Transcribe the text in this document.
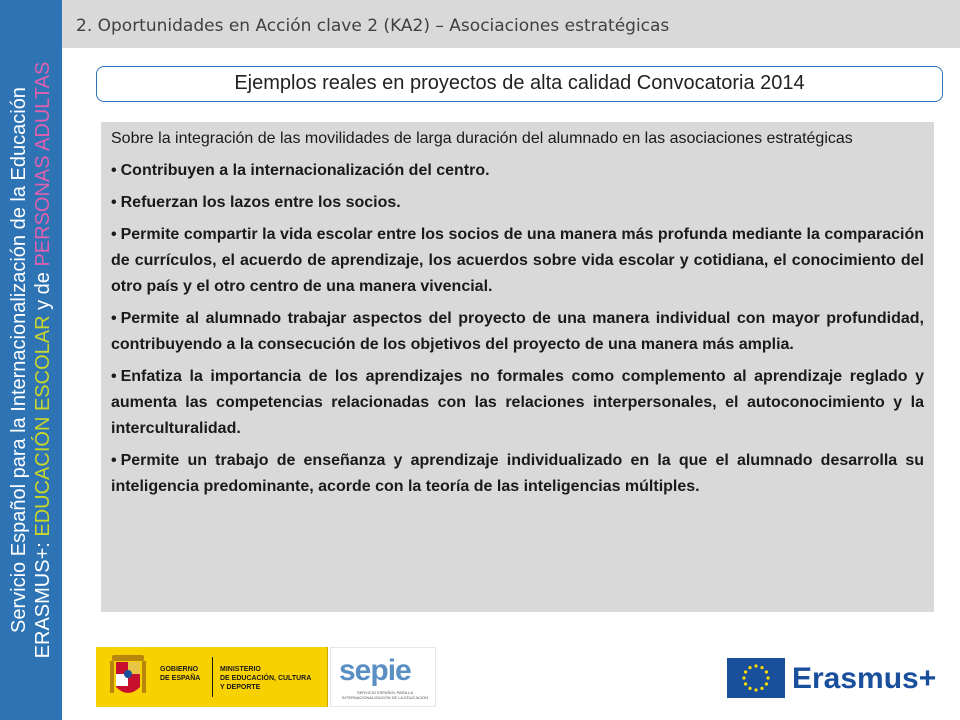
Servicio Español para la Internacionalización de la Educación ERASMUS+: EDUCACIÓN ESCOLAR y de PERSONAS ADULTAS
2. Oportunidades en Acción clave 2 (KA2) – Asociaciones estratégicas
Ejemplos reales en proyectos de alta calidad Convocatoria 2014

Sobre la integración de las movilidades de larga duración del alumnado en las asociaciones estratégicas

• Contribuyen a la internacionalización del centro.

• Refuerzan los lazos entre los socios.

• Permite compartir la vida escolar entre los socios de una manera más profunda mediante la comparación de currículos, el acuerdo de aprendizaje, los acuerdos sobre vida escolar y cotidiana, el conocimiento del otro país y el otro centro de una manera vivencial.

• Permite al alumnado trabajar aspectos del proyecto de una manera individual con mayor profundidad, contribuyendo a la consecución de los objetivos del proyecto de una manera más amplia.

• Enfatiza la importancia de los aprendizajes no formales como complemento al aprendizaje reglado y aumenta las competencias relacionadas con las relaciones interpersonales, el autoconocimiento y la interculturalidad.

• Permite un trabajo de enseñanza y aprendizaje individualizado en la que el alumnado desarrolla su inteligencia predominante, acorde con la teoría de las inteligencias múltiples.

GOBIERNO
DE ESPAÑA
MINISTERIO
DE EDUCACIÓN, CULTURA
Y DEPORTE
sepie
SERVICIO ESPAÑOL PARA LA
INTERNACIONALIZACIÓN DE LA EDUCACIÓN
Erasmus+
